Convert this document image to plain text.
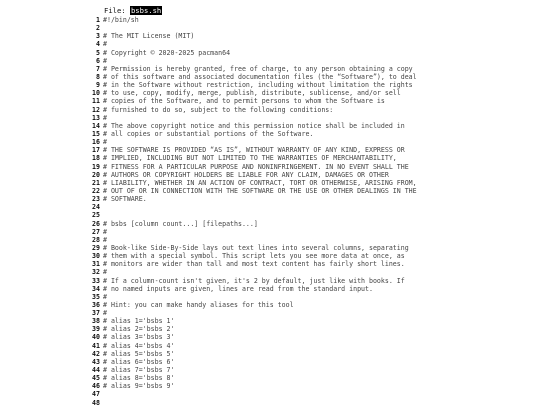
File: bsbs.sh
1 #!/bin/sh
2
3 # The MIT License (MIT)
4 #
5 # Copyright © 2020-2025 pacman64
6 #
7 # Permission is hereby granted, free of charge, to any person obtaining a copy
8 # of this software and associated documentation files (the “Software”), to deal
9 # in the Software without restriction, including without limitation the rights
10 # to use, copy, modify, merge, publish, distribute, sublicense, and/or sell
11 # copies of the Software, and to permit persons to whom the Software is
12 # furnished to do so, subject to the following conditions:
13 #
14 # The above copyright notice and this permission notice shall be included in
15 # all copies or substantial portions of the Software.
16 #
17 # THE SOFTWARE IS PROVIDED “AS IS”, WITHOUT WARRANTY OF ANY KIND, EXPRESS OR
18 # IMPLIED, INCLUDING BUT NOT LIMITED TO THE WARRANTIES OF MERCHANTABILITY,
19 # FITNESS FOR A PARTICULAR PURPOSE AND NONINFRINGEMENT. IN NO EVENT SHALL THE
20 # AUTHORS OR COPYRIGHT HOLDERS BE LIABLE FOR ANY CLAIM, DAMAGES OR OTHER
21 # LIABILITY, WHETHER IN AN ACTION OF CONTRACT, TORT OR OTHERWISE, ARISING FROM,
22 # OUT OF OR IN CONNECTION WITH THE SOFTWARE OR THE USE OR OTHER DEALINGS IN THE
23 # SOFTWARE.
24
25
26 # bsbs [column count...] [filepaths...]
27 #
28 #
29 # Book-like Side-By-Side lays out text lines into several columns, separating
30 # them with a special symbol. This script lets you see more data at once, as
31 # monitors are wider than tall and most text content has fairly short lines.
32 #
33 # If a column-count isn't given, it's 2 by default, just like with books. If
34 # no named inputs are given, lines are read from the standard input.
35 #
36 # Hint: you can make handy aliases for this tool
37 #
38 # alias 1='bsbs 1'
39 # alias 2='bsbs 2'
40 # alias 3='bsbs 3'
41 # alias 4='bsbs 4'
42 # alias 5='bsbs 5'
43 # alias 6='bsbs 6'
44 # alias 7='bsbs 7'
45 # alias 8='bsbs 8'
46 # alias 9='bsbs 9'
47
48
